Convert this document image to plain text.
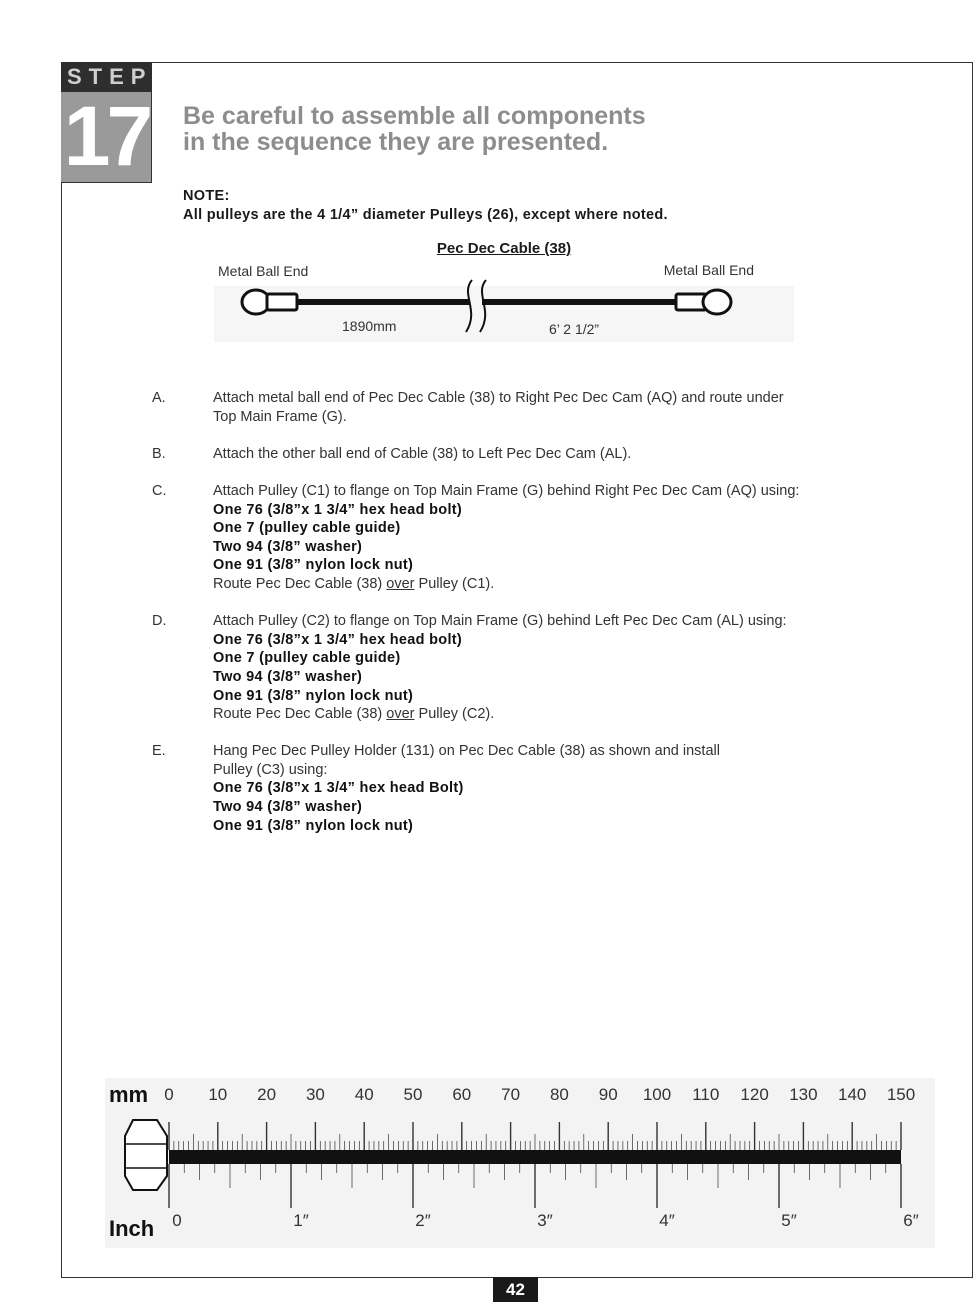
STEP
17 Be careful to assemble all components
in the sequence they are presented.
NOTE:
All pulleys are the 4 1/4” diameter Pulleys (26), except where noted.
Pec Dec Cable (38)
Metal Ball End	Metal Ball End
1890mm	6’ 2 1/2”
A.	Attach metal ball end of Pec Dec Cable (38) to Right Pec Dec Cam (AQ) and route under
Top Main Frame (G).
B.	Attach the other ball end of Cable (38) to Left Pec Dec Cam (AL).
C.	Attach Pulley (C1) to flange on Top Main Frame (G) behind Right Pec Dec Cam (AQ) using:
One 76 (3/8”x 1 3/4” hex head bolt)
One 7 (pulley cable guide)
Two 94 (3/8” washer)
One 91 (3/8” nylon lock nut)
Route Pec Dec Cable (38) over Pulley (C1).
D.	Attach Pulley (C2) to flange on Top Main Frame (G) behind Left Pec Dec Cam (AL) using:
One 76 (3/8”x 1 3/4” hex head bolt)
One 7 (pulley cable guide)
Two 94 (3/8” washer)
One 91 (3/8” nylon lock nut)
Route Pec Dec Cable (38) over Pulley (C2).
E.	Hang Pec Dec Pulley Holder (131) on Pec Dec Cable (38) as shown and install
Pulley (C3) using:
One 76 (3/8”x 1 3/4” hex head Bolt)
Two 94 (3/8” washer)
One 91 (3/8” nylon lock nut)
mm
Inch
0 10 20 30 40 50 60 70 80 90 100 110 120 130 140 150
0	1″	2″	3″	4″	5″	6″
42
